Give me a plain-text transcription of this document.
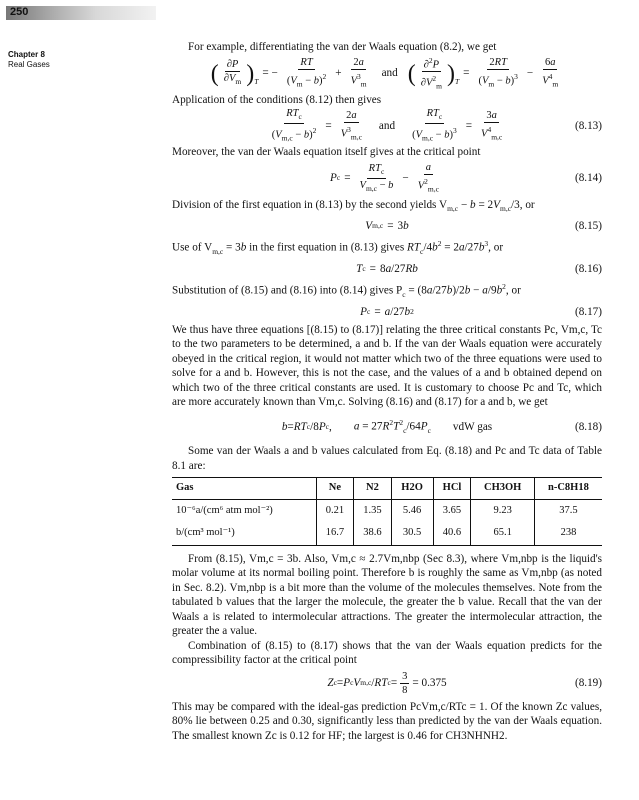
250
Chapter 8
Real Gases

For example, differentiating the van der Waals equation (8.2), we get

( $\frac{\partial P}{\partial V_m}$ ) $_T$
= − $\frac{RT}{(V_m - b)^2} + \frac{2a}{V^3_m}$ and ( $\frac{\partial^2P}{\partial V^2_m}$ ) $_T$
= $\frac{2RT}{(V_m - b)^3} - \frac{6a}{V^4_m}$

Application of the conditions (8.12) then gives

$\frac{RT_c}{(V_{m,c} - b)^2} = \frac{2a}{V^3_{m,c}}$ and $\frac{RT_c}{(V_{m,c} - b)^3} = \frac{3a}{V^4_{m,c}}$	(8.13)

Moreover, the van der Waals equation itself gives at the critical point

P $c = \frac{RT_c}{V_{m,c} - b} - \frac{a}{V^2_{m,c}}$	(8.14)

Division of the first equation in (8.13) by the second yields $V_{m,c} - b = 2V_{m,c}/3$, or

V m,c = 3 b	(8.15)

Use of $V_{m,c} = 3b$ in the first equation in (8.13) gives $RT_c/4b^2 = 2a/27b^3$, or

T c = 8 a /27 Rb	(8.16)

Substitution of (8.15) and (8.16) into (8.14) gives $P_c = (8a/27b)/2b - a/9b^2$, or

P c = a /27 b 2	(8.17)

We thus have three equations [(8.15) to (8.17)] relating the three critical constants Pc, Vm,c, Tc to the two parameters to be determined, a and b. If the van der Waals equation were accurately obeyed in the critical region, it would not matter which two of the three equations were used to solve for a and b. However, this is not the case, and the values of a and b obtained depend on which two of the three critical constants are used. It is customary to choose Pc and Tc, which are more accurately known than Vm,c. Solving (8.16) and (8.17) for a and b, we get

b = RT c /8 P c , $a = 27R^2T^2_c/64P_c$ vdW gas	(8.18)

Some van der Waals a and b values calculated from Eq. (8.18) and Pc and Tc data of Table 8.1 are:

Gas	Ne	N2	H2O	HCl	CH3OH	n-C8H18
10⁻⁶a/(cm⁶ atm mol⁻²)	0.21	1.35	5.46	3.65	9.23	37.5
b/(cm³ mol⁻¹)	16.7	38.6	30.5	40.6	65.1	238

From (8.15), Vm,c = 3b. Also, Vm,c ≈ 2.7Vm,nbp (Sec 8.3), where Vm,nbp is the liquid's molar volume at its normal boiling point. Therefore b is roughly the same as Vm,nbp (as noted in Sec. 8.2). Vm,nbp is a bit more than the volume of the molecules themselves. Note from the tabulated b values that the larger the molecule, the greater the b value. Recall that the van der Waals a is related to intermolecular attractions. The greater the intermolecular attraction, the greater the a value.

Combination of (8.15) to (8.17) shows that the van der Waals equation predicts for the compressibility factor at the critical point

Z c = P c V m,c / RT $c = \frac{3}{8} = 0.375$	(8.19)

This may be compared with the ideal-gas prediction PcVm,c/RTc = 1. Of the known Zc values, 80% lie between 0.25 and 0.30, significantly less than predicted by the van der Waals equation. The smallest known Zc is 0.12 for HF; the largest is 0.46 for CH3NHNH2.
